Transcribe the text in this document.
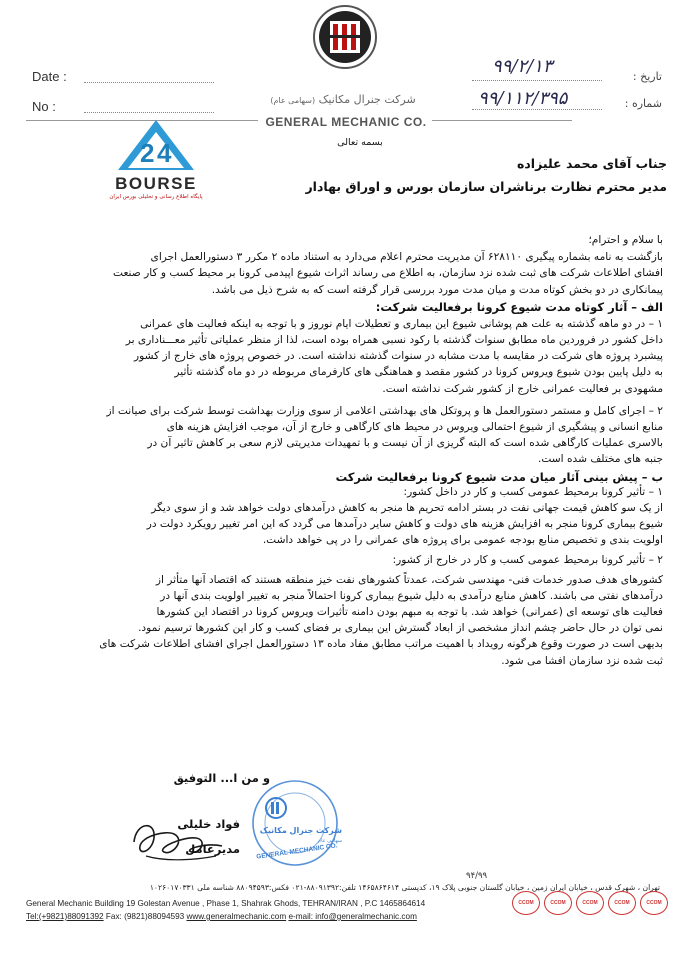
شرکت جنرال مکانیک (سهامی عام)
GENERAL MECHANIC CO.
Date :
No :
تاریخ :
۹۹/۲/۱۳
شماره :
۹۹/۱۱۲/۳۹۵
2 4
BOURSE
پایگاه اطلاع رسانی و تحلیلی بورس ایران
بسمه تعالی
جناب آقای محمد علیزاده
مدیر محترم نظارت برناشران سازمان بورس و اوراق بهادار
با سلام و احترام؛
بازگشت به نامه بشماره پیگیری ۶۲۸۱۱۰ آن مدیریت محترم اعلام می‌دارد به استناد ماده ۲ مکرر ۳ دستورالعمل اجرای
افشای اطلاعات شرکت های ثبت شده نزد سازمان، به اطلاع می رساند اثرات شیوع اپیدمی کرونا بر محیط کسب و کار صنعت
پیمانکاری در دو بخش کوتاه مدت و میان مدت مورد بررسی قرار گرفته است که به شرح ذیل می باشد.
الف – آثار کوتاه مدت شیوع کرونا برفعالیت شرکت:
۱ – در دو ماهه گذشته به علت هم پوشانی شیوع این بیماری و تعطیلات ایام نوروز و با توجه به اینکه فعالیت های عمرانی
داخل کشور در فروردین ماه مطابق سنوات گذشته با رکود نسبی همراه بوده است، لذا از منظر عملیاتی تأثیر معـــناداری بر
پیشبرد پروژه های شرکت در مقایسه با مدت مشابه در سنوات گذشته نداشته است. در خصوص پروژه های خارج از کشور
به دلیل پایین بودن شیوع ویروس کرونا در کشور مقصد و هماهنگی های کارفرمای مربوطه در دو ماه گذشته تأثیر
مشهودی بر فعالیت عمرانی خارج از کشور شرکت نداشته است.
۲ – اجرای کامل و مستمر دستورالعمل ها و پروتکل های بهداشتی اعلامی از سوی وزارت بهداشت توسط شرکت برای صیانت از
منابع انسانی و پیشگیری از شیوع احتمالی ویروس در محیط های کارگاهی و خارج از آن، موجب افزایش هزینه های
بالاسری عملیات کارگاهی شده است که البته گریزی از آن نیست و با تمهیدات مدیریتی لازم سعی بر کاهش تاثیر آن در
جنبه های مختلف شده است.
ب – پیش بینی آثار میان مدت شیوع کرونا برفعالیت شرکت
۱ – تأثیر کرونا برمحیط عمومی کسب و کار در داخل کشور:
از یک سو کاهش قیمت جهانی نفت در بستر ادامه تحریم ها منجر به کاهش درآمدهای دولت خواهد شد و از سوی دیگر
شیوع بیماری کرونا منجر به افزایش هزینه های دولت و کاهش سایر درآمدها می گردد که این امر تغییر رویکرد دولت در
اولویت بندی و تخصیص منابع بودجه عمومی برای پروژه های عمرانی را در پی خواهد داشت.
۲ – تأثیر کرونا برمحیط عمومی کسب و کار در خارج از کشور:
کشورهای هدف صدور خدمات فنی- مهندسی شرکت، عمدتاً کشورهای نفت خیز منطقه هستند که اقتصاد آنها متأثر از
درآمدهای نفتی می باشند. کاهش منابع درآمدی به دلیل شیوع بیماری کرونا احتمالاً منجر به تغییر اولویت بندی آنها در
فعالیت های توسعه ای (عمرانی) خواهد شد. با توجه به مبهم بودن دامنه تأثیرات ویروس کرونا در اقتصاد این کشورها
نمی توان در حال حاضر چشم انداز مشخصی از ابعاد گسترش این بیماری بر فضای کسب و کار این کشورها ترسیم نمود.
بدیهی است در صورت وقوع هرگونه رویداد با اهمیت مراتب مطابق مفاد ماده ۱۳ دستورالعمل اجرای افشای اطلاعات شرکت های
ثبت شده نزد سازمان افشا می شود.
و من ا... التوفیق
شرکت جنرال مکانیک
سهامی عام
GENERAL MECHANIC CO.
فواد خلیلی
مدیرعامل
۹۴/۹۹
تهران ، شهرک قدس ، خیابان ایران زمین ، خیابان گلستان جنوبی پلاک ۱۹، کدپستی ۱۴۶۵۸۶۴۶۱۴ تلفن:۸۸۰۹۱۳۹۲-۰۲۱ فکس:۸۸۰۹۴۵۹۳ شناسه ملی ۱۰۲۶۰۱۷۰۳۳۱
General Mechanic Building 19 Golestan Avenue , Phase 1, Shahrak Ghods, TEHRAN/IRAN , P.C 1465864614
Tel:(+9821)88091392 Fax: (9821)88094593 www.generalmechanic.com e-mail: info@generalmechanic.com
CCOM	CCOM	CCOM	CCOM	CCOM
